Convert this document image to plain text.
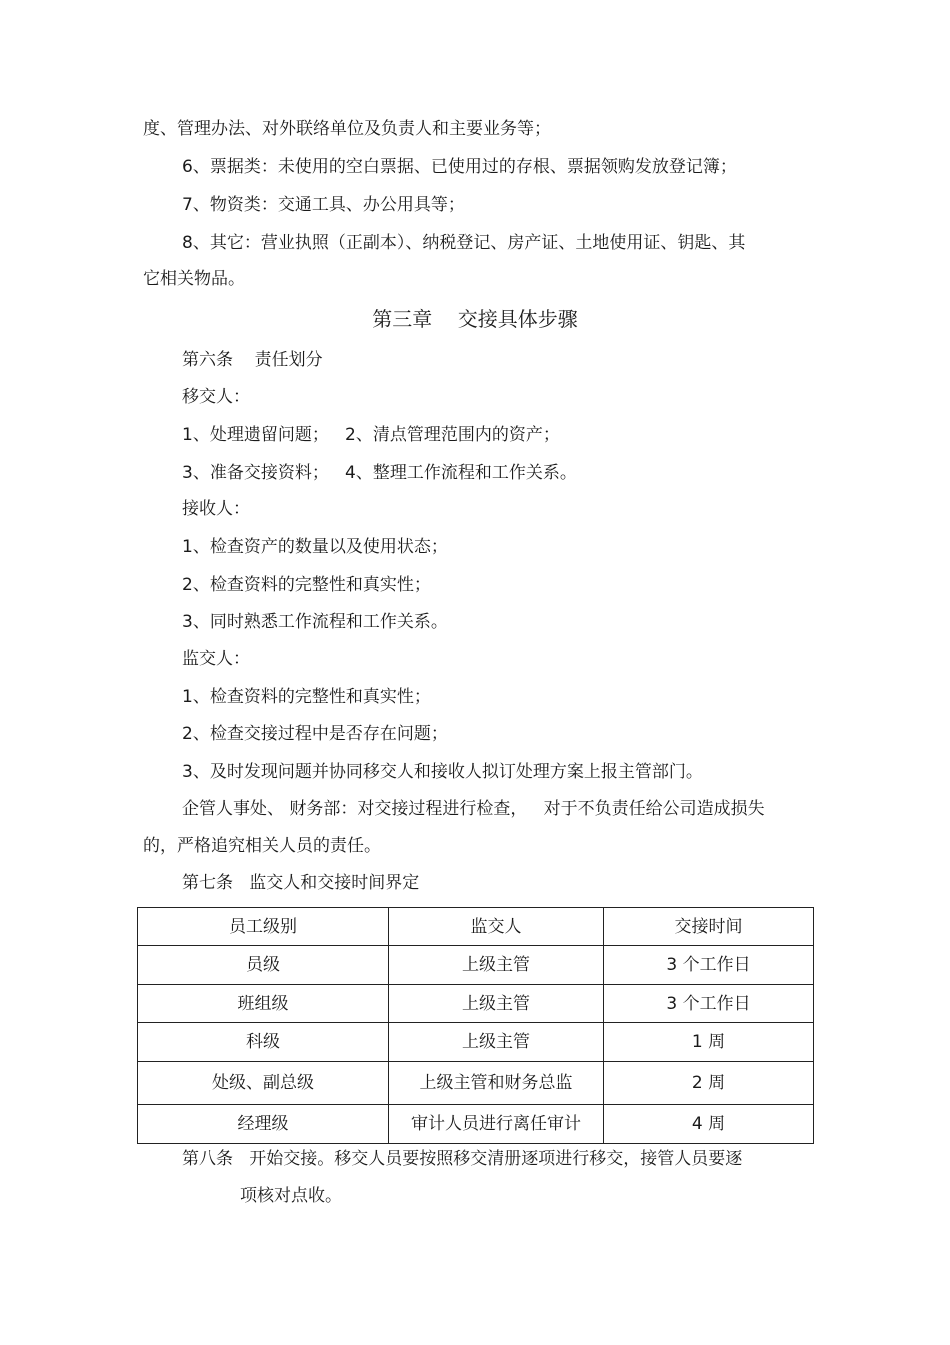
度、管理办法、对外联络单位及负责人和主要业务等；
6、票据类：未使用的空白票据、已使用过的存根、票据领购发放登记簿；
7、物资类：交通工具、办公用具等；
8、其它：营业执照（正副本）、纳税登记、房产证、土地使用证、钥匙、其
它相关物品。
第三章    交接具体步骤
第六条    责任划分
移交人：
1、处理遗留问题；   2、清点管理范围内的资产；
3、准备交接资料；   4、整理工作流程和工作关系。
接收人：
1、检查资产的数量以及使用状态；
2、检查资料的完整性和真实性；
3、同时熟悉工作流程和工作关系。
监交人：
1、检查资料的完整性和真实性；
2、检查交接过程中是否存在问题；
3、及时发现问题并协同移交人和接收人拟订处理方案上报主管部门。
企管人事处、 财务部：对交接过程进行检查，   对于不负责任给公司造成损失
的，严格追究相关人员的责任。
第七条   监交人和交接时间界定
员工级别	监交人	交接时间
员级	上级主管	3 个工作日
班组级	上级主管	3 个工作日
科级	上级主管	1 周
处级、副总级	上级主管和财务总监	2 周
经理级	审计人员进行离任审计	4 周
第八条   开始交接。移交人员要按照移交清册逐项进行移交，接管人员要逐
项核对点收。
